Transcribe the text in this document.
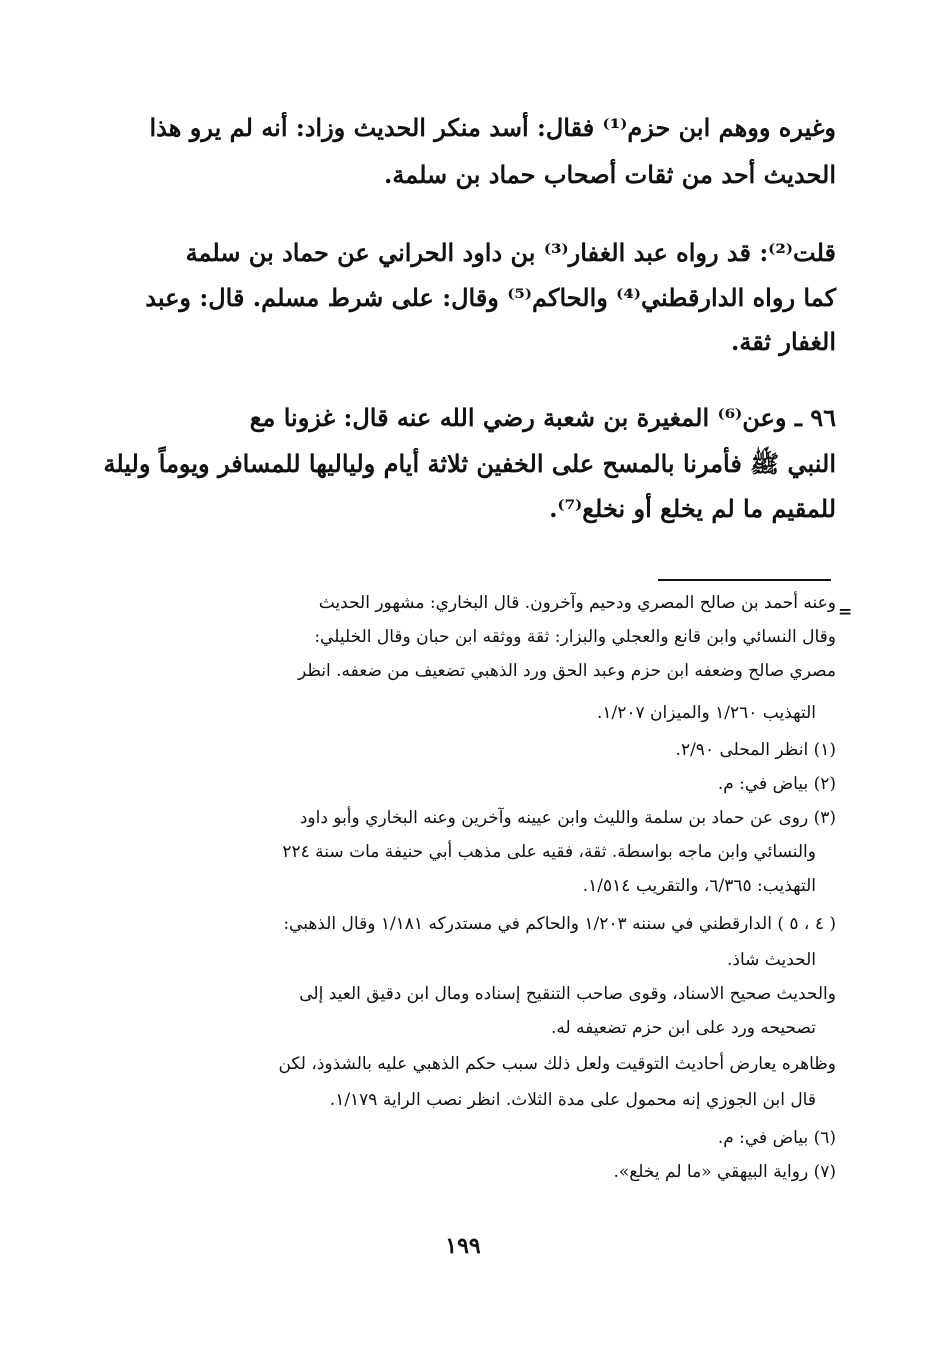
وغيره ووهم ابن حزم⁽¹⁾ فقال: أسد منكر الحديث وزاد: أنه لم يرو هذا
الحديث أحد من ثقات أصحاب حماد بن سلمة.
قلت⁽²⁾: قد رواه عبد الغفار⁽³⁾ بن داود الحراني عن حماد بن سلمة
كما رواه الدارقطني⁽⁴⁾ والحاكم⁽⁵⁾ وقال: على شرط مسلم. قال: وعبد
الغفار ثقة.
٩٦ ـ وعن⁽⁶⁾ المغيرة بن شعبة رضي الله عنه قال: غزونا مع
النبي ﷺ فأمرنا بالمسح على الخفين ثلاثة أيام ولياليها للمسافر ويوماً وليلة
للمقيم ما لم يخلع أو نخلع⁽⁷⁾.
=
وعنه أحمد بن صالح المصري ودحيم وآخرون. قال البخاري: مشهور الحديث
وقال النسائي وابن قانع والعجلي والبزار: ثقة ووثقه ابن حبان وقال الخليلي:
مصري صالح وضعفه ابن حزم وعبد الحق ورد الذهبي تضعيف من ضعفه. انظر
التهذيب ١/٢٦٠ والميزان ١/٢٠٧.
(١) انظر المحلى ٢/٩٠.
(٢) بياض في: م.
(٣) روى عن حماد بن سلمة والليث وابن عيينه وآخرين وعنه البخاري وأبو داود
والنسائي وابن ماجه بواسطة. ثقة، فقيه على مذهب أبي حنيفة مات سنة ٢٢٤
التهذيب: ٦/٣٦٥، والتقريب ١/٥١٤.
( ٤ ، ٥ ) الدارقطني في سننه ١/٢٠٣ والحاكم في مستدركه ١/١٨١ وقال الذهبي:
الحديث شاذ.
والحديث صحيح الاسناد، وقوى صاحب التنقيح إسناده ومال ابن دقيق العيد إلى
تصحيحه ورد على ابن حزم تضعيفه له.
وظاهره يعارض أحاديث التوقيت ولعل ذلك سبب حكم الذهبي عليه بالشذوذ، لكن
قال ابن الجوزي إنه محمول على مدة الثلاث. انظر نصب الراية ١/١٧٩.
(٦) بياض في: م.
(٧) رواية البيهقي «ما لم يخلع».
١٩٩
